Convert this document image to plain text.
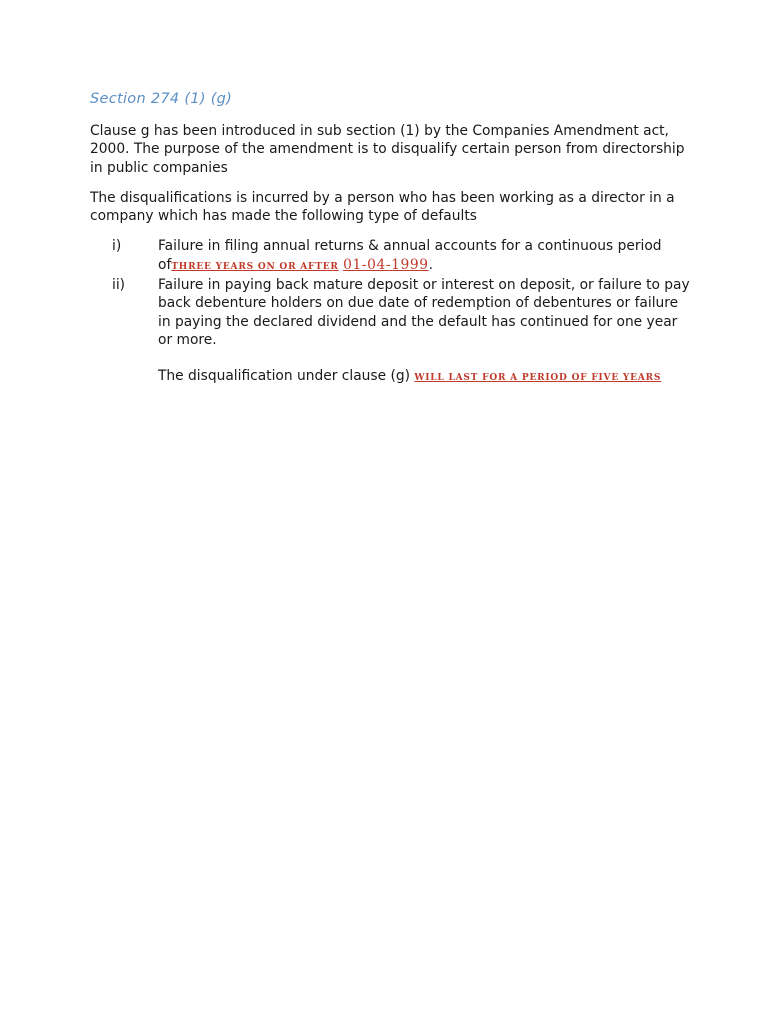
Section 274 (1) (g)

Clause g has been introduced in sub section (1) by the Companies Amendment act, 2000. The purpose of the amendment is to disqualify certain person from directorship in public companies

The disqualifications is incurred by a person who has been working as a director in a company which has made the following type of defaults

i)	Failure in filing annual returns & annual accounts for a continuous period ofTHREE YEARS ON OR AFTER 01-04-1999.
ii)	Failure in paying back mature deposit or interest on deposit, or failure to pay back debenture holders on due date of redemption of debentures or failure in paying the declared dividend and the default has continued for one year or more.

The disqualification under clause (g) WILL LAST FOR A PERIOD OF FIVE YEARS
